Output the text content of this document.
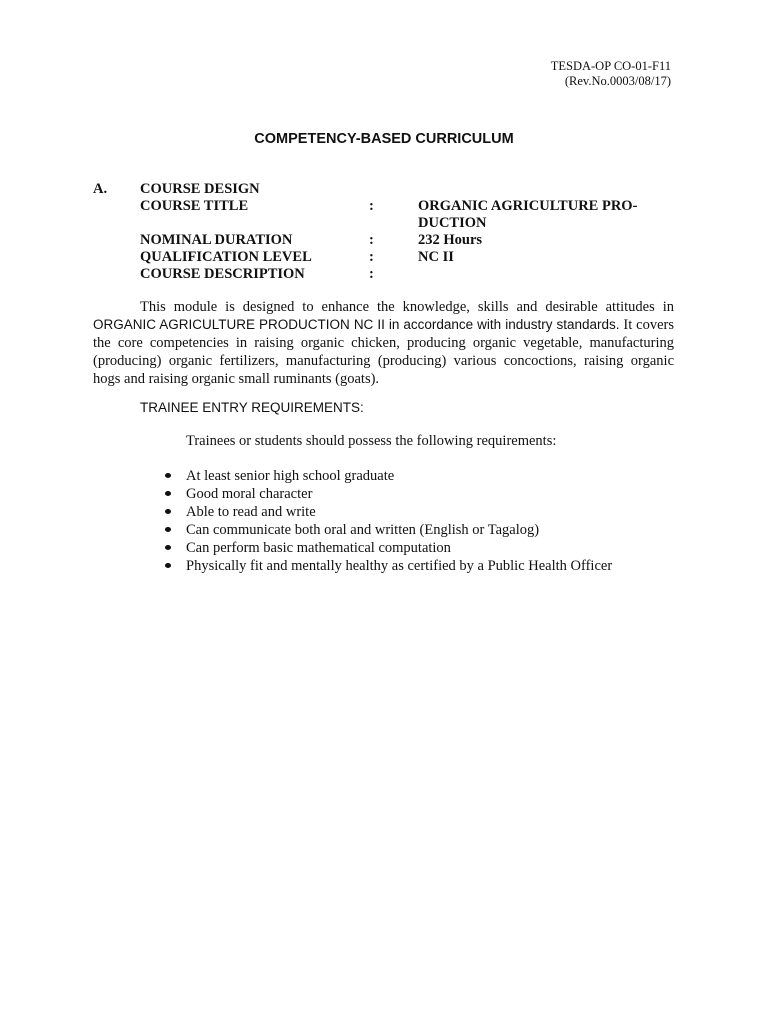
TESDA-OP CO-01-F11
(Rev.No.0003/08/17)
COMPETENCY-BASED CURRICULUM
A. COURSE DESIGN
COURSE TITLE	:	ORGANIC AGRICULTURE PRO-
DUCTION
NOMINAL DURATION	:	232 Hours
QUALIFICATION LEVEL	:	NC II
COURSE DESCRIPTION	:

This module is designed to enhance the knowledge, skills and desirable attitudes in ORGANIC AGRICULTURE PRODUCTION NC II in accordance with industry standards. It covers the core competencies in raising organic chicken, producing organic vegetable, manufacturing (producing) organic fertilizers, manufacturing (producing) various concoctions, raising organic hogs and raising organic small ruminants (goats).

TRAINEE ENTRY REQUIREMENTS:
Trainees or students should possess the following requirements:
At least senior high school graduate
Good moral character
Able to read and write
Can communicate both oral and written (English or Tagalog)
Can perform basic mathematical computation
Physically fit and mentally healthy as certified by a Public Health Officer
